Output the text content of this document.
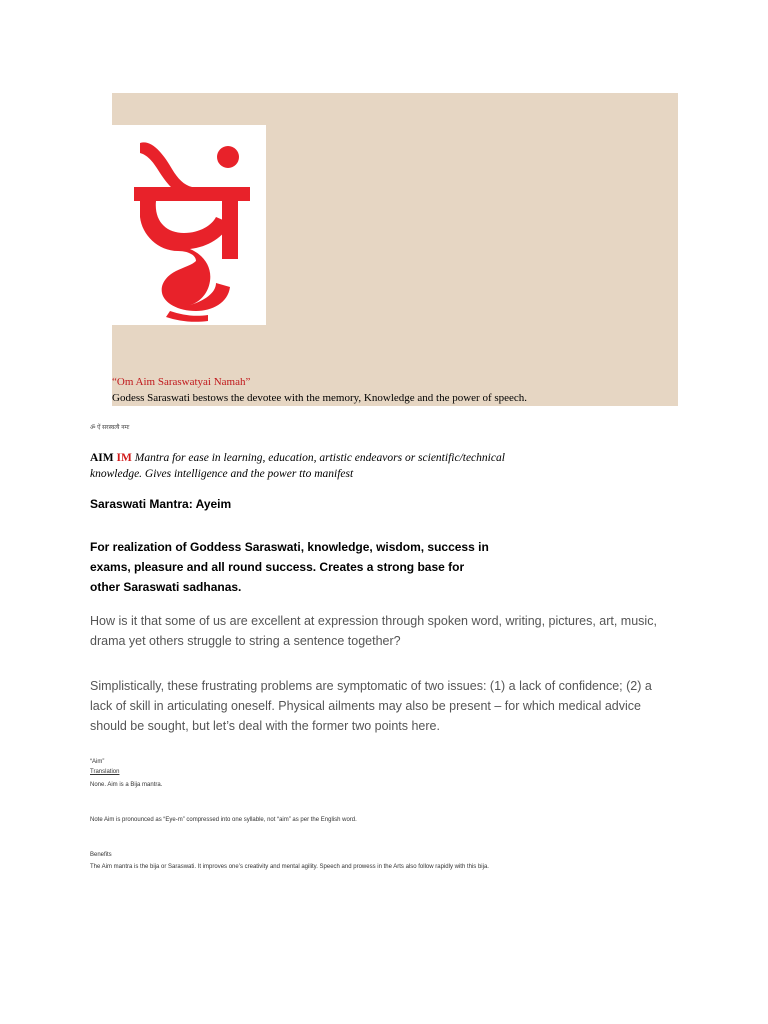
“Om Aim Saraswatyai Namah”
Godess Saraswati bestows the devotee with the memory, Knowledge and the power of speech.
ॐ ऐं सरस्वत्यै नमः
AIM IM Mantra for ease in learning, education, artistic endeavors or scientific/technical knowledge. Gives intelligence and the power tto manifest
Saraswati Mantra: Ayeim
For realization of Goddess Saraswati, knowledge, wisdom, success in exams, pleasure and all round success. Creates a strong base for other Saraswati sadhanas.
How is it that some of us are excellent at expression through spoken word, writing, pictures, art, music, drama yet others struggle to string a sentence together?
Simplistically, these frustrating problems are symptomatic of two issues: (1) a lack of confidence; (2) a lack of skill in articulating oneself. Physical ailments may also be present – for which medical advice should be sought, but let’s deal with the former two points here.
“Aim”
Translation
None. Aim is a Bija mantra.
Note Aim is pronounced as “Eye-m” compressed into one syllable, not “aim” as per the English word.
Benefits
The Aim mantra is the bija or Saraswati. It improves one’s creativity and mental agility. Speech and prowess in the Arts also follow rapidly with this bija.
